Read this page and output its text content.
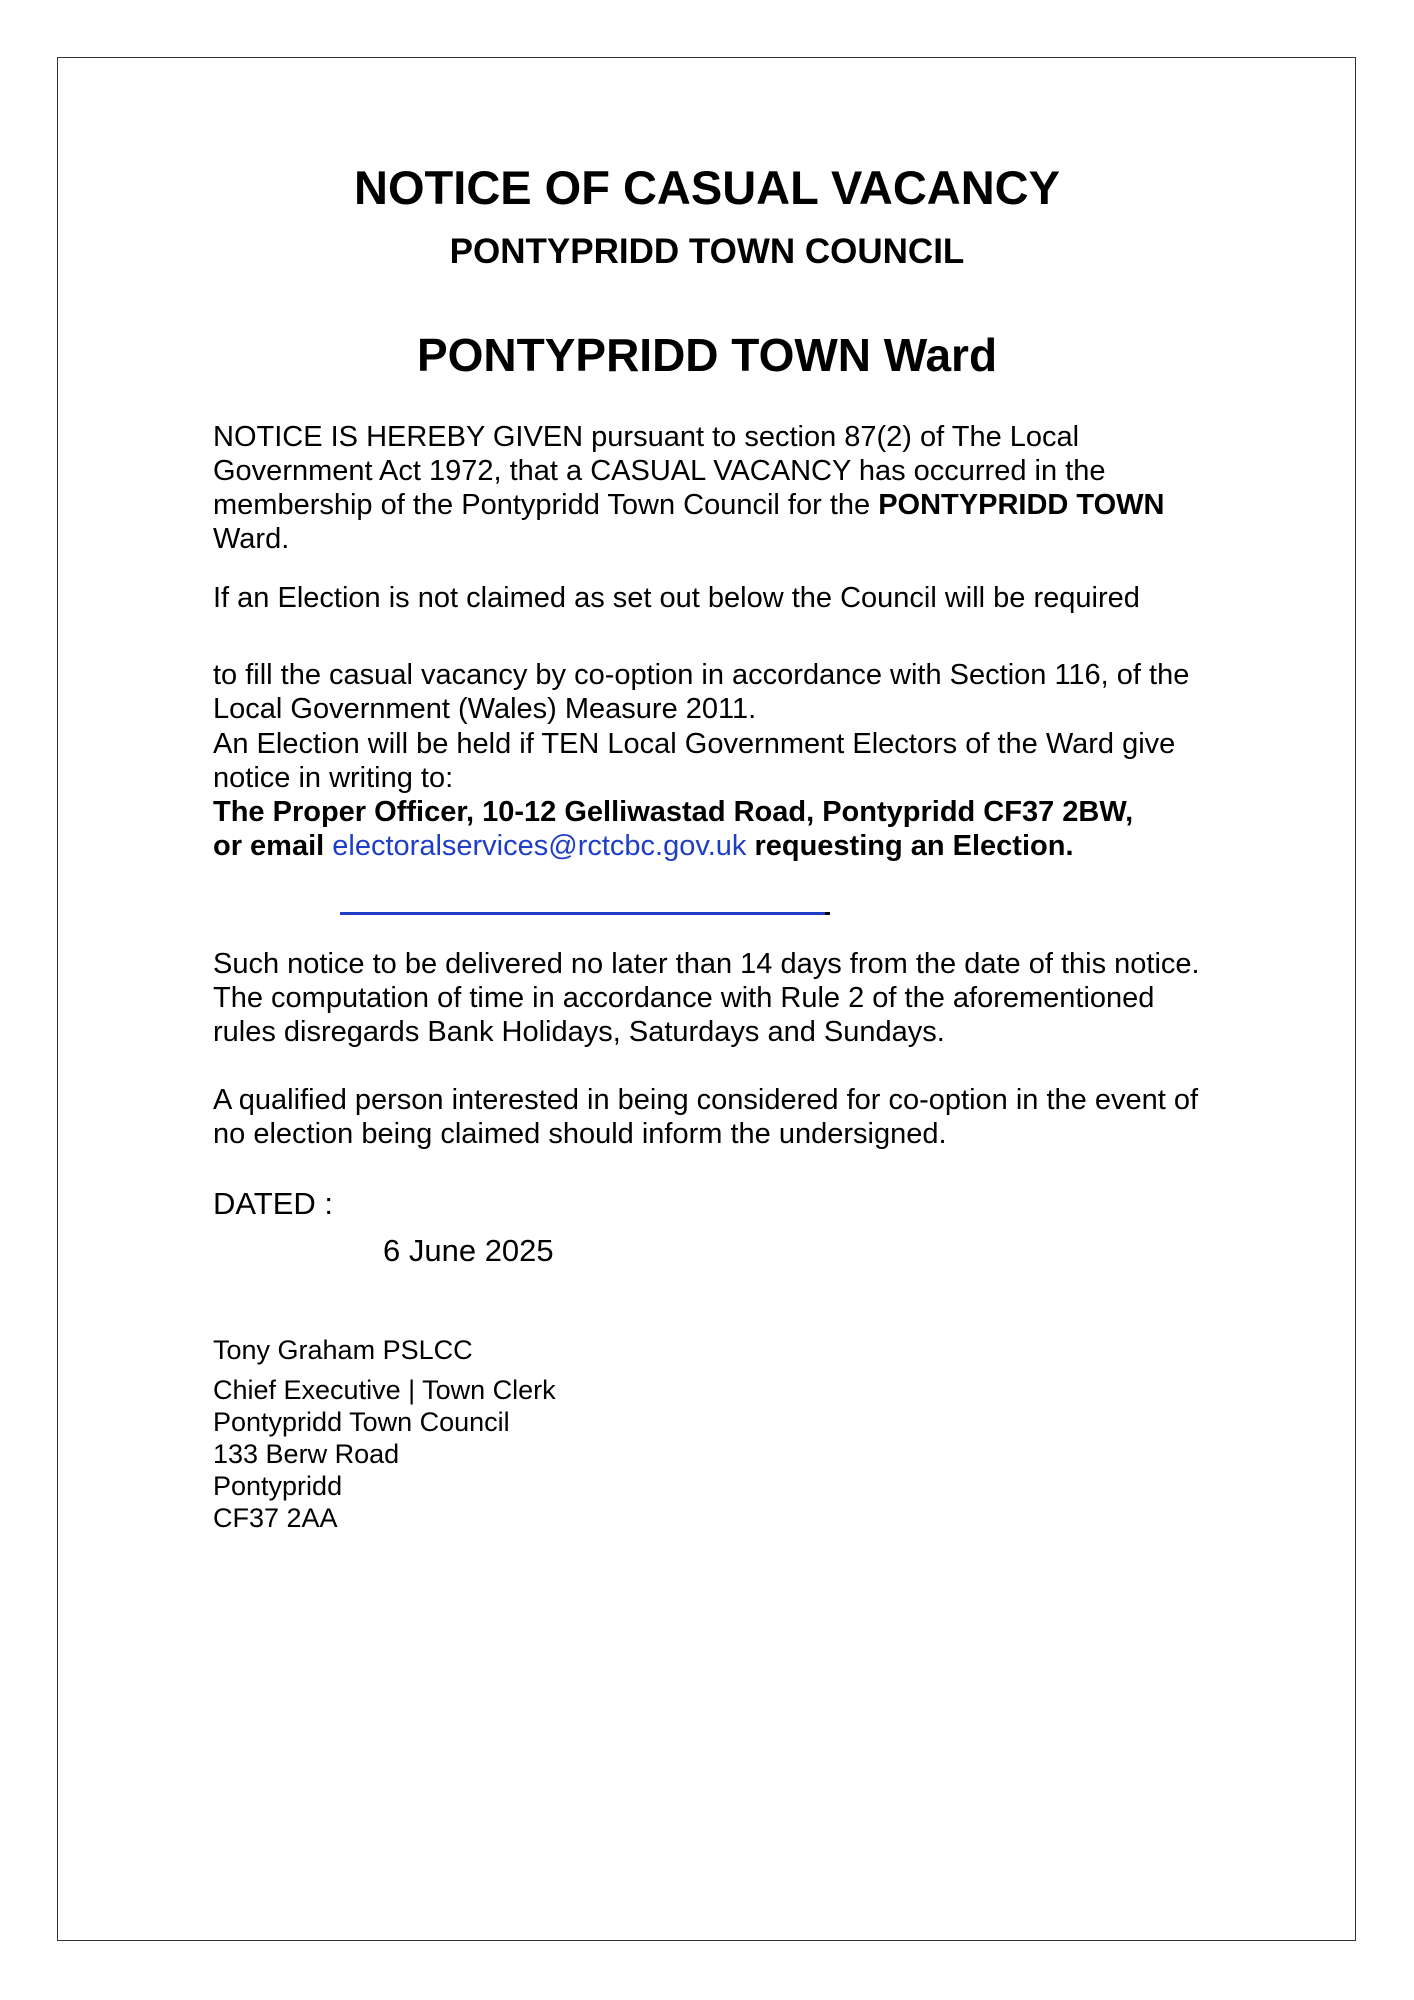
NOTICE OF CASUAL VACANCY
PONTYPRIDD TOWN COUNCIL
PONTYPRIDD TOWN Ward

NOTICE IS HEREBY GIVEN pursuant to section 87(2) of The Local Government Act 1972, that a CASUAL VACANCY has occurred in the membership of the Pontypridd Town Council for the PONTYPRIDD TOWN Ward.

If an Election is not claimed as set out below the Council will be required

to fill the casual vacancy by co-option in accordance with Section 116, of the Local Government (Wales) Measure 2011.

An Election will be held if TEN Local Government Electors of the Ward give notice in writing to:

The Proper Officer, 10-12 Gelliwastad Road, Pontypridd CF37 2BW,
or email electoralservices@rctcbc.gov.uk requesting an Election.

Such notice to be delivered no later than 14 days from the date of this notice. The computation of time in accordance with Rule 2 of the aforementioned rules disregards Bank Holidays, Saturdays and Sundays.

A qualified person interested in being considered for co-option in the event of no election being claimed should inform the undersigned.

DATED :

6 June 2025

Tony Graham PSLCC

Chief Executive | Town Clerk

Pontypridd Town Council

133 Berw Road

Pontypridd

CF37 2AA
